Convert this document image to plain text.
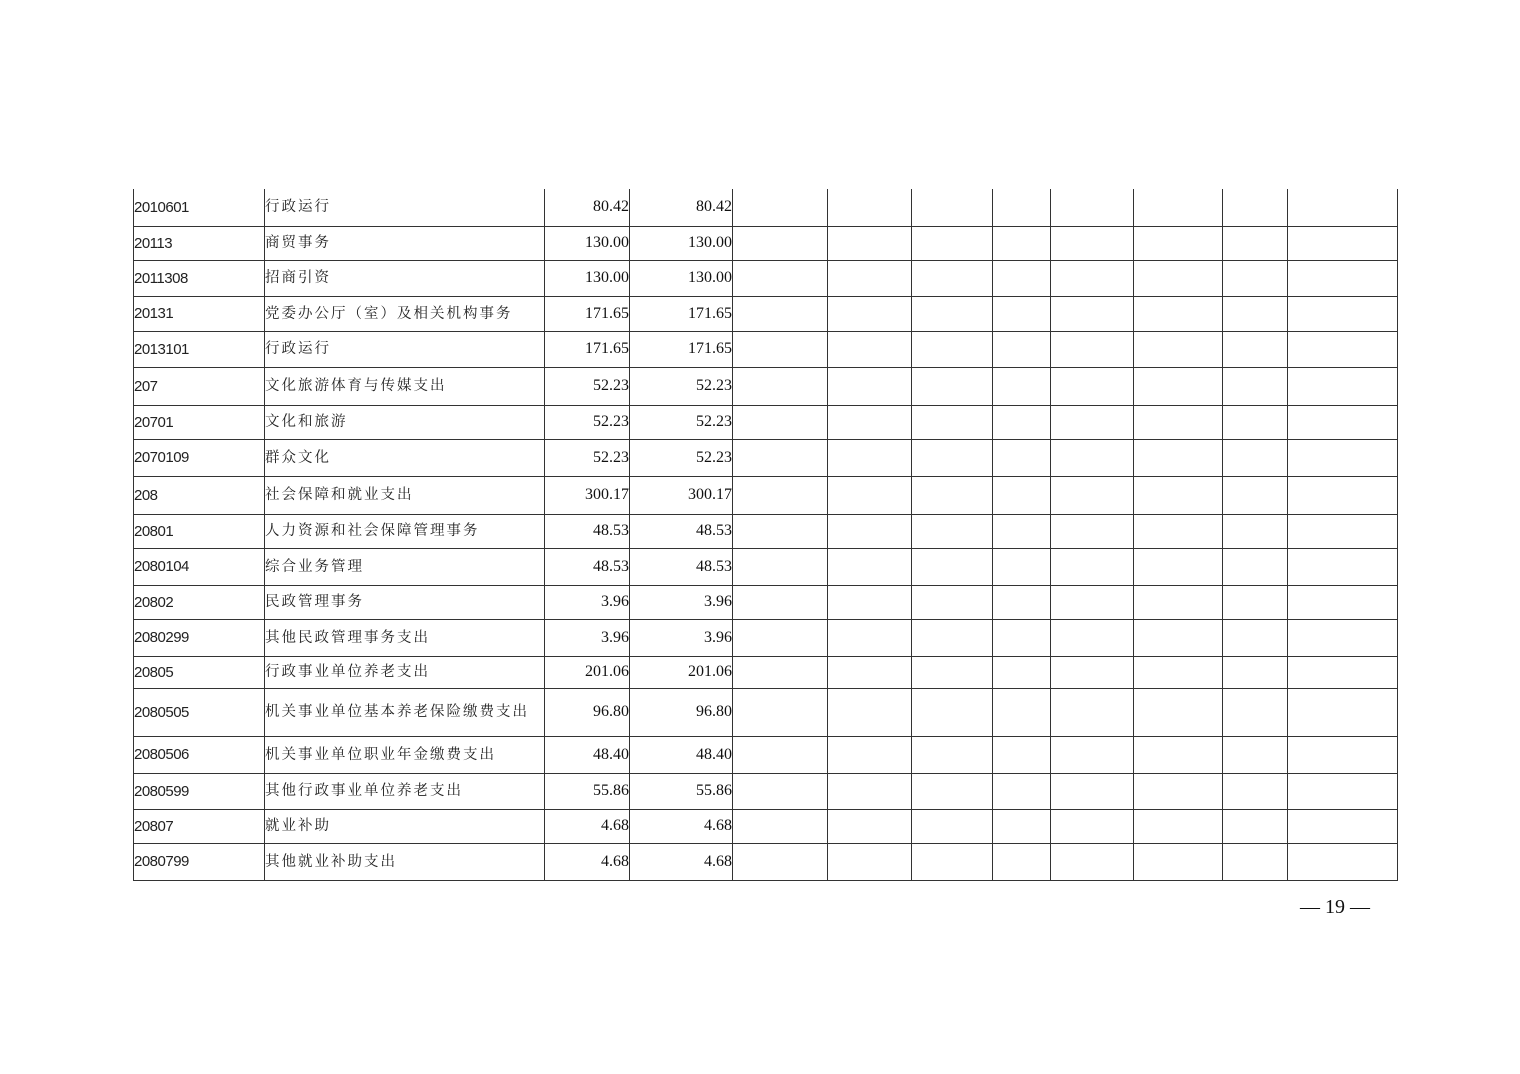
2010601	行政运行	80.42	80.42								
20113	商贸事务	130.00	130.00								
2011308	招商引资	130.00	130.00								
20131	党委办公厅（室）及相关机构事务	171.65	171.65								
2013101	行政运行	171.65	171.65								
207	文化旅游体育与传媒支出	52.23	52.23								
20701	文化和旅游	52.23	52.23								
2070109	群众文化	52.23	52.23								
208	社会保障和就业支出	300.17	300.17								
20801	人力资源和社会保障管理事务	48.53	48.53								
2080104	综合业务管理	48.53	48.53								
20802	民政管理事务	3.96	3.96								
2080299	其他民政管理事务支出	3.96	3.96								
20805	行政事业单位养老支出	201.06	201.06								
2080505	机关事业单位基本养老保险缴费支出	96.80	96.80								
2080506	机关事业单位职业年金缴费支出	48.40	48.40								
2080599	其他行政事业单位养老支出	55.86	55.86								
20807	就业补助	4.68	4.68								
2080799	其他就业补助支出	4.68	4.68								
— 19 —
